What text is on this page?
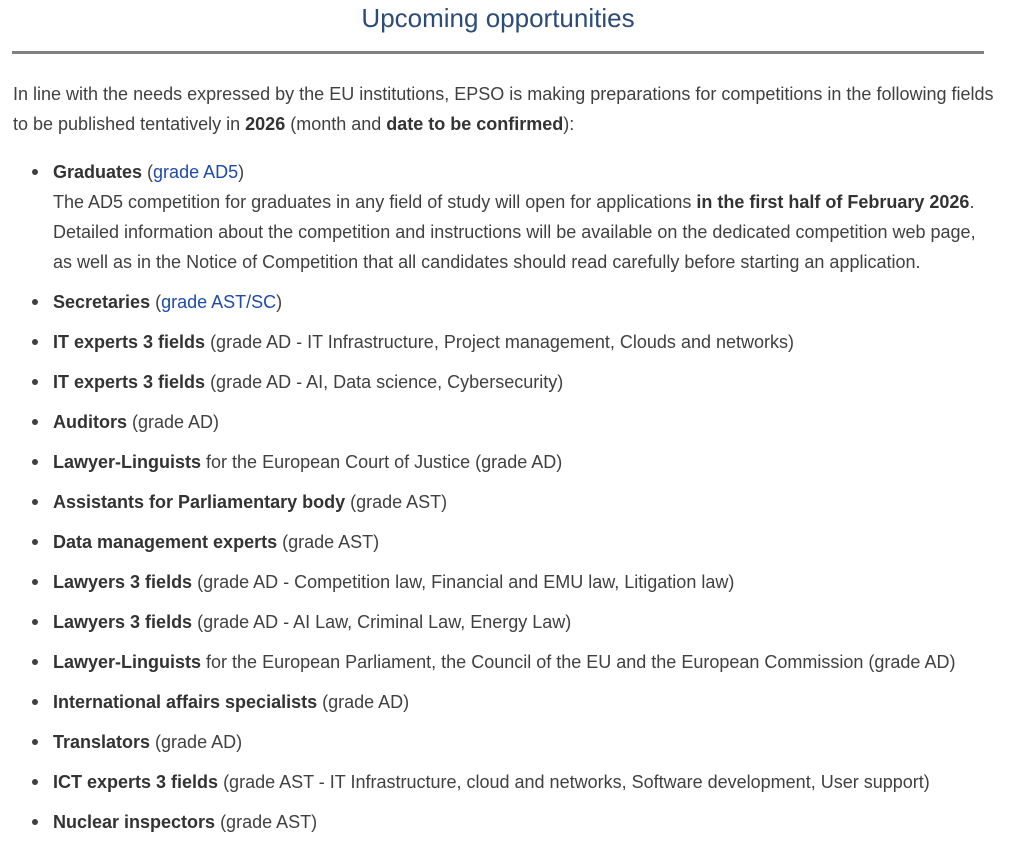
Upcoming opportunities

In line with the needs expressed by the EU institutions, EPSO is making preparations for competitions in the following fields to be published tentatively in 2026 (month and date to be confirmed):

Graduates (grade AD5)
The AD5 competition for graduates in any field of study will open for applications in the first half of February 2026.
Detailed information about the competition and instructions will be available on the dedicated competition web page,
as well as in the Notice of Competition that all candidates should read carefully before starting an application.
Secretaries (grade AST/SC)
IT experts 3 fields (grade AD - IT Infrastructure, Project management, Clouds and networks)
IT experts 3 fields (grade AD - AI, Data science, Cybersecurity)
Auditors (grade AD)
Lawyer-Linguists for the European Court of Justice (grade AD)
Assistants for Parliamentary body (grade AST)
Data management experts (grade AST)
Lawyers 3 fields (grade AD - Competition law, Financial and EMU law, Litigation law)
Lawyers 3 fields (grade AD - AI Law, Criminal Law, Energy Law)
Lawyer-Linguists for the European Parliament, the Council of the EU and the European Commission (grade AD)
International affairs specialists (grade AD)
Translators (grade AD)
ICT experts 3 fields (grade AST - IT Infrastructure, cloud and networks, Software development, User support)
Nuclear inspectors (grade AST)
